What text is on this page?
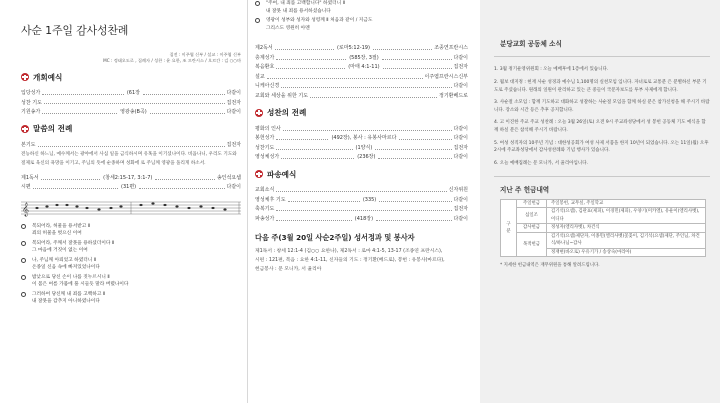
사순 1주일 감사성찬례
집전 : 이주엽 신부 / 설교 : 이주엽 신부
MC : 정태오도로 , 집례자 / 성찬 : 윤 요한, 조 프란시스 / 오르간 : 김 ○○마
개회예식
입당성가	(61장	다같이
성찬 기도	집전자
기원송가	영광송(B곡)	다같이
말씀의 전례
본기도	집전자
전능하신 하느님, 예수께서는 광야에서 사십 일을 금식하시며 유혹을 이기셨나이다. 비옵나니, 우리도 기도와 절제로 육신의 욕망을 이기고, 주님의 뜻에 순종하며 성화에 로 주님께 영광을 돌리게 하소서.
제1독서	(창세2:15-17, 3:1-7)	송인석요셉
시편	(31편)	다같이
𝄞
복되어라, 허물을 용서받고 Ⅱ
죄의 허물을 벗으신 이여
복되어라, 주께서 잘못을 용하셨더이다 Ⅱ
그 마음에 거짓이 없는 이여
나, 주님께 아뢰었고 하였더니 Ⅱ
온종일 신음 속에 빠져있었나이다
밤낮으로 당신 손이 나를 짓누르시니 Ⅱ
이 몸은 여름 가뭄에 풀 시들듯 말라 버렸나이다
그러하여 당신께 내 죄를 고백하고 Ⅱ
내 잘못을 감추지 아니하였나이다
"주여, 내 죄를 고백합니다" 하였더니 Ⅱ
내 잘못 내 죄를 용서하셨습니다
영광이 성부와 성자와 성령께 Ⅱ 처음과 같이 / 지금도
그리스도 영원히 아멘
제2독서	(로마5:12-19)	조종연프란시스
층계성가	(585장, 3절)	다같이
복음환호	(마태 4:1-11)	집전자
설교	이주엽프란시스신부
니케아신경	다같이
교회와 세상을 위한 기도	정기환베드로
성찬의 전례
평화의 인사	다같이
봉헌성가	(492장), 봉사 : 유봉사마르다	다같이
성찬기도	(1양식)	집전자
영성체성가	(236장)	다같이
파송예식
교회소식	신자위원
영성체후 기도	(335)	다같이
축복기도	집전자
파송성가	(418장)	다같이
다음 주(3월 20일 사순2주일) 성서정과 및 봉사자
제1독서 : 창세 12:1-4 (김○○ 요한나), 제2독서 : 로마 4:1-5, 13-17 (조종연 프란시스),
시편 : 121편, 복음 : 요한 4:1-11, 신자들의 기도 : 정기환(베드로), 봉헌 : 유봉사(마르다),
헌금봉사 : 문 모니카, 서 율리아
분당교회 공동체 소식
1. 3월 정기운영위원회 : 오늘 예배후에 1층에서 있습니다.
2. 월보 대지정 : 현재 사순 성경과 예수님 1,100명의 실천모임 입니다. 자녀로로 교통분 은 분별하신 부분 기도로 주셨습니다. 원래의 일원이 관리하고 있는 큰 중들이 국문자보도를 투부 사제에게 합니다.
3. 사순절 소모임 : 함께 기도하고 대화하고 성찰하는 사순절 모임을 함께 하실 분은 참가신청을 해 주시기 바랍니다. 장소와 시간 등은 추후 공지합니다.
4. 고 이진한 주교 주교 성찬례 : 오늘 3월 26일(토) 오전 9시 주교좌성당에서 성 봉헌 공동체 기도 예식을 함께 하실 분은 참석해 주시기 바랍니다.
5. 여성 성직자의 10주년 기념 : 대한성공회가 여성 사제 서품을 한지 10년이 되었습니다. 오는 11일(월) 오후 2시에 주교좌성당에서 감사성찬례와 기념 행사가 있습니다.
6. 오늘 예배집례는 문 모니카, 서 율리아입니다.
지난 주 헌금내역
구분	주일헌금	주일봉헌, 교무실, 주일학교
	십일조	김기석(요셉), 김관표(제피), 이경민(제피), 우양기(미카엘), 유운이(엘리사벳), 이디다
	감사헌금	정성자(엘리자벳), 차건식
	목적헌금	김기석(요셉)제단자, 이종민(엘리사벳)꽃꽂이, 김기석(요셉)제단, 주인님, 차건식/하나님~감사
		정재현(바오로) 우유기가 / 송상숙(마리아)
* 지세한 헌금내역은 재무위원을 통해 알려드립니다.
